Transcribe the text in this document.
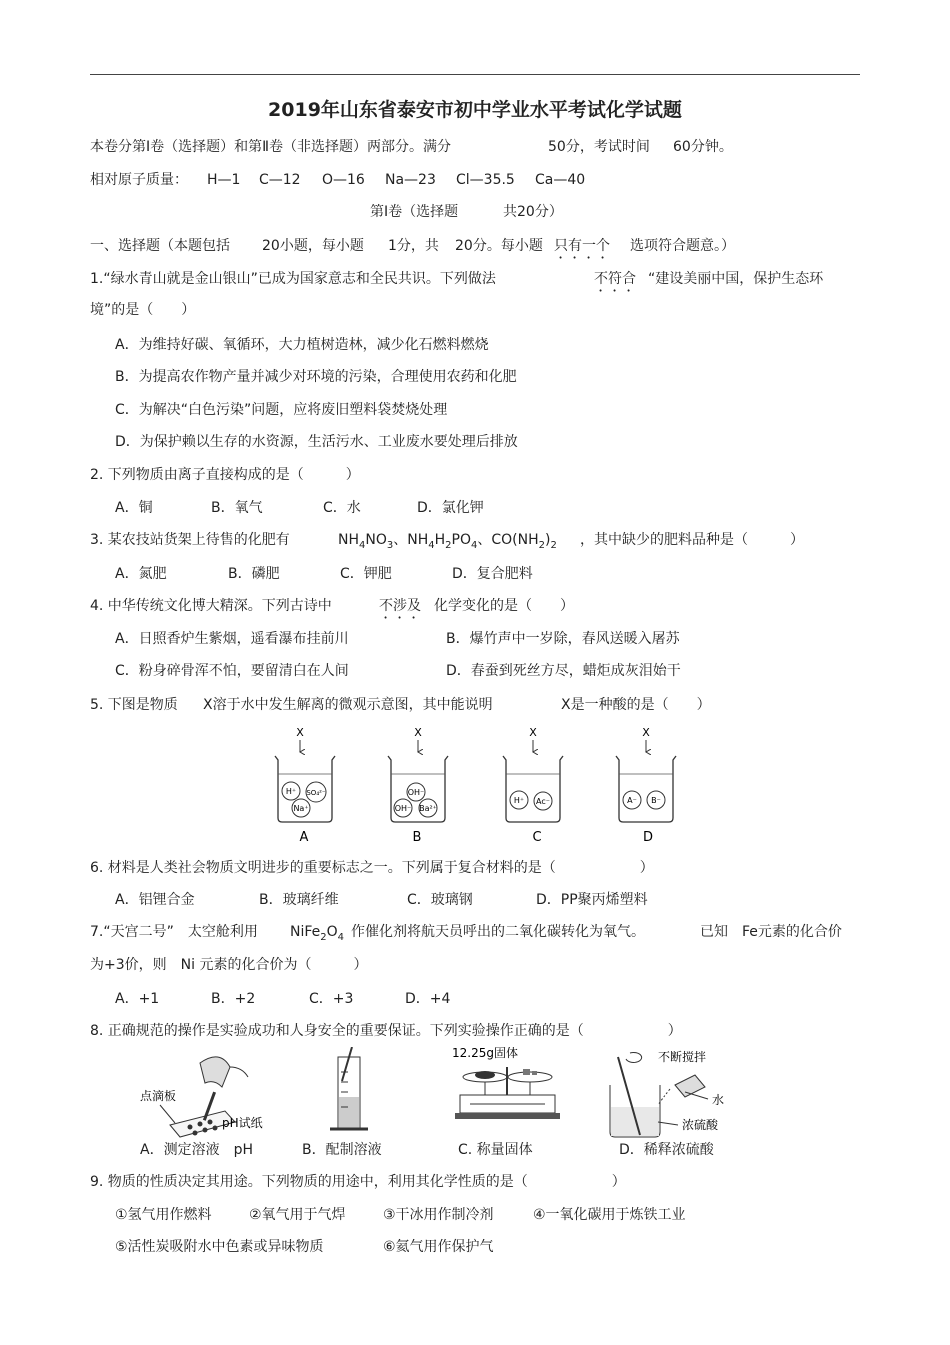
2019年山东省泰安市初中学业水平考试化学试题
本卷分第Ⅰ卷（选择题）和第Ⅱ卷（非选择题）两部分。满分	50分，考试时间 60分钟。
相对原子质量： H—1 C—12 O—16 Na—23 Cl—35.5 Ca—40
第Ⅰ卷（选择题	共20分）
一、选择题（本题包括 20小题，每小题 1分，共 20分。每小题 只有一个 选项符合题意。）
1.“绿水青山就是金山银山”已成为国家意志和全民共识。下列做法	不符合 “建设美丽中国，保护生态环
境”的是（　　）
A．为维持好碳、氧循环，大力植树造林，减少化石燃料燃烧
B．为提高农作物产量并减少对环境的污染，合理使用农药和化肥
C．为解决“白色污染”问题，应将废旧塑料袋焚烧处理
D．为保护赖以生存的水资源，生活污水、工业废水要处理后排放
2. 下列物质由离子直接构成的是（　　　）
A．铜	B．氧气	C．水	D．氯化钾
3. 某农技站货架上待售的化肥有	$NH_4NO_3$、$NH_4H_2PO_4$、$CO(NH_2)_2$ ，其中缺少的肥料品种是（　　　）
A．氮肥	B．磷肥	C．钾肥	D．复合肥料
4. 中华传统文化博大精深。下列古诗中	不涉及 化学变化的是（　　）
A．日照香炉生紫烟，遥看瀑布挂前川	B．爆竹声中一岁除，春风送暖入屠苏
C．粉身碎骨浑不怕，要留清白在人间	D．春蚕到死丝方尽，蜡炬成灰泪始干
5. 下图是物质 X溶于水中发生解离的微观示意图，其中能说明	X是一种酸的是（　　）
X
H⁺ SO₄²⁻
Na⁺
A
X
OH⁻
OH⁻ Ba²⁺
B
X
H⁺ Ac⁻
C
X
A⁻ B⁻
D
6. 材料是人类社会物质文明进步的重要标志之一。下列属于复合材料的是（　　　　　　）
A．铝锂合金	B．玻璃纤维	C．玻璃钢	D．PP聚丙烯塑料
7.“天宫二号”　太空舱利用 $NiFe_2O_4$ 作催化剂将航天员呼出的二氧化碳转化为氧气。	已知　Fe元素的化合价
为+3价，则　Ni 元素的化合价为（　　　）
A．+1	B．+2	C．+3	D．+4
8. 正确规范的操作是实验成功和人身安全的重要保证。下列实验操作正确的是（　　　　　　）
点滴板
pH试纸
12.25g固体	不断搅拌
水
浓硫酸
A．测定溶液　pH	B．配制溶液	C. 称量固体	D．稀释浓硫酸
9. 物质的性质决定其用途。下列物质的用途中，利用其化学性质的是（　　　　　　）
①氢气用作燃料	②氧气用于气焊	③干冰用作制冷剂	④一氧化碳用于炼铁工业
⑤活性炭吸附水中色素或异味物质	⑥氦气用作保护气
